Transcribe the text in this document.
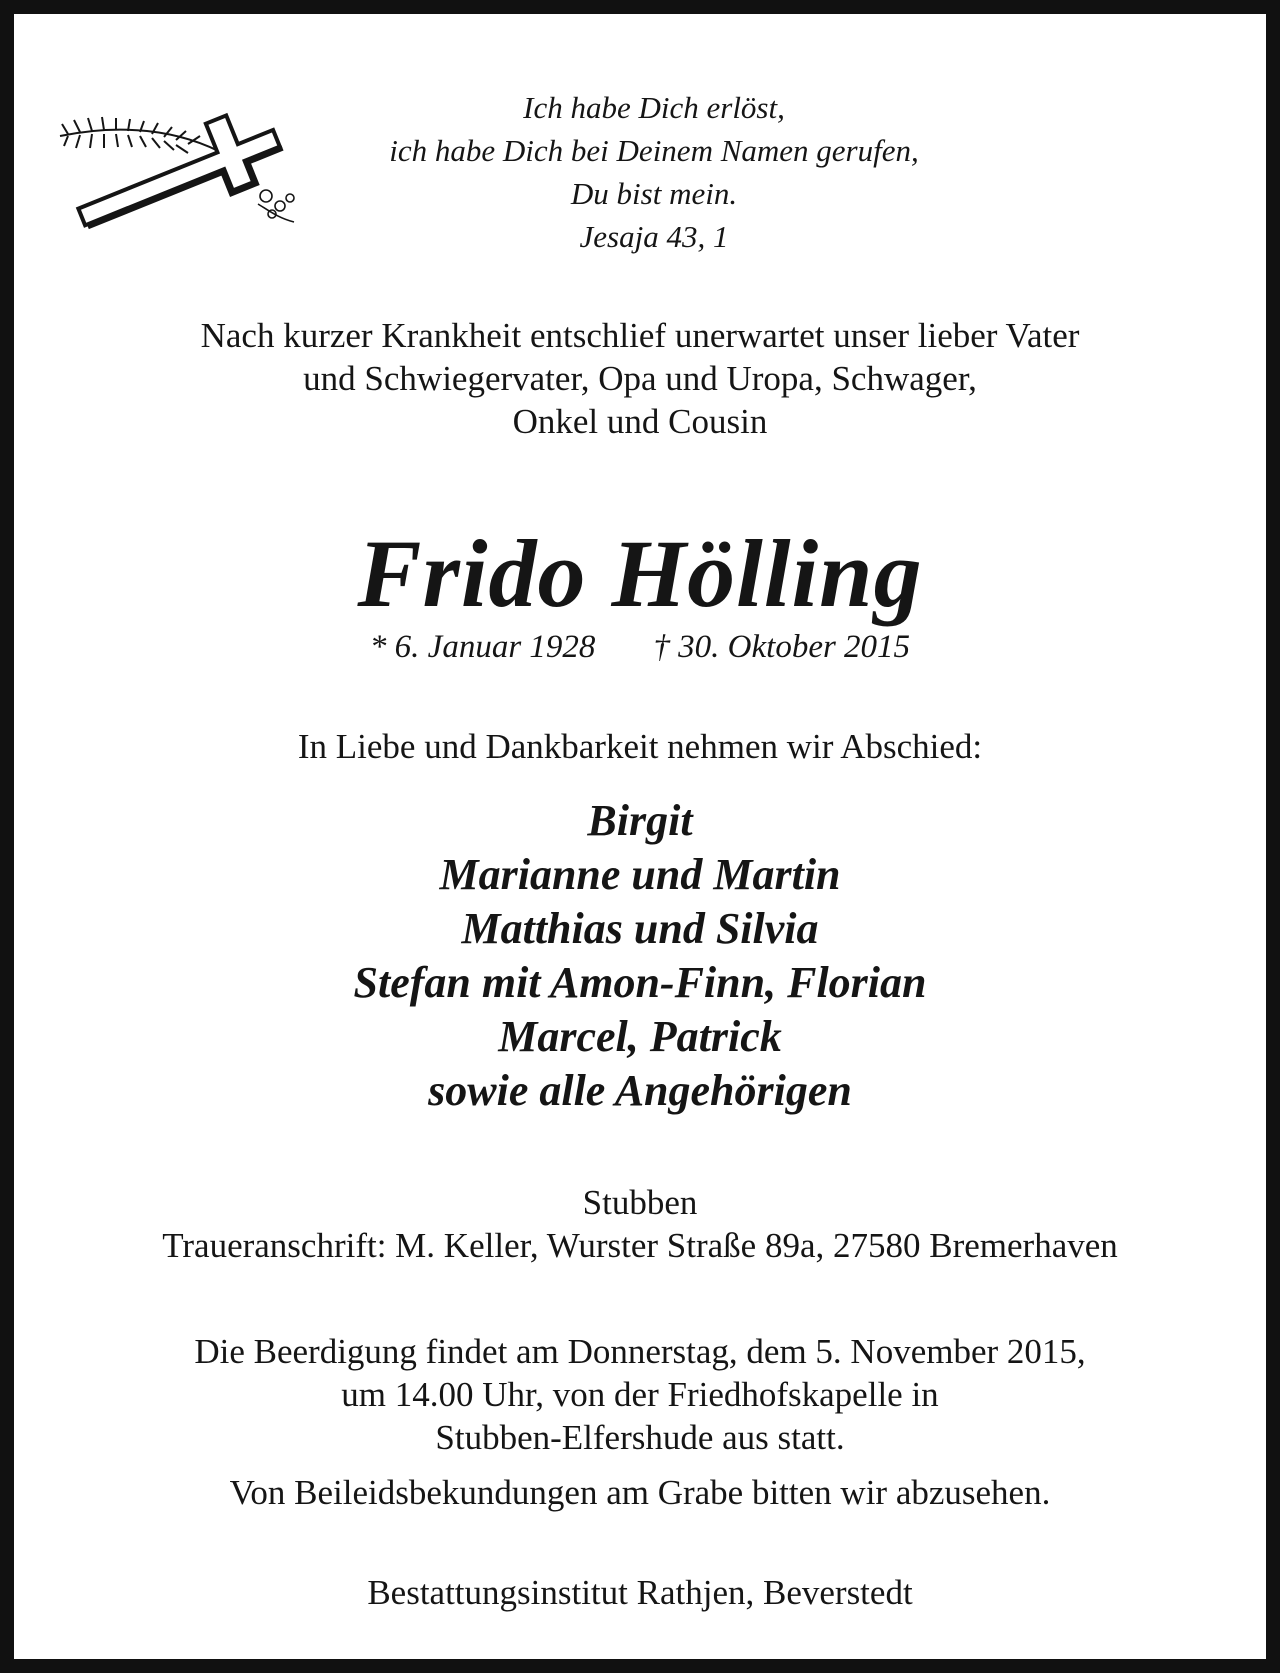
Ich habe Dich erlöst,
ich habe Dich bei Deinem Namen gerufen,
Du bist mein.
Jesaja 43, 1
Nach kurzer Krankheit entschlief unerwartet unser lieber Vater
und Schwiegervater, Opa und Uropa, Schwager,
Onkel und Cousin
Frido Hölling
* 6. Januar 1928 † 30. Oktober 2015
In Liebe und Dankbarkeit nehmen wir Abschied:
Birgit
Marianne und Martin
Matthias und Silvia
Stefan mit Amon-Finn, Florian
Marcel, Patrick
sowie alle Angehörigen
Stubben
Traueranschrift: M. Keller, Wurster Straße 89a, 27580 Bremerhaven
Die Beerdigung findet am Donnerstag, dem 5. November 2015,
um 14.00 Uhr, von der Friedhofskapelle in
Stubben-Elfershude aus statt.
Von Beileidsbekundungen am Grabe bitten wir abzusehen.
Bestattungsinstitut Rathjen, Beverstedt
